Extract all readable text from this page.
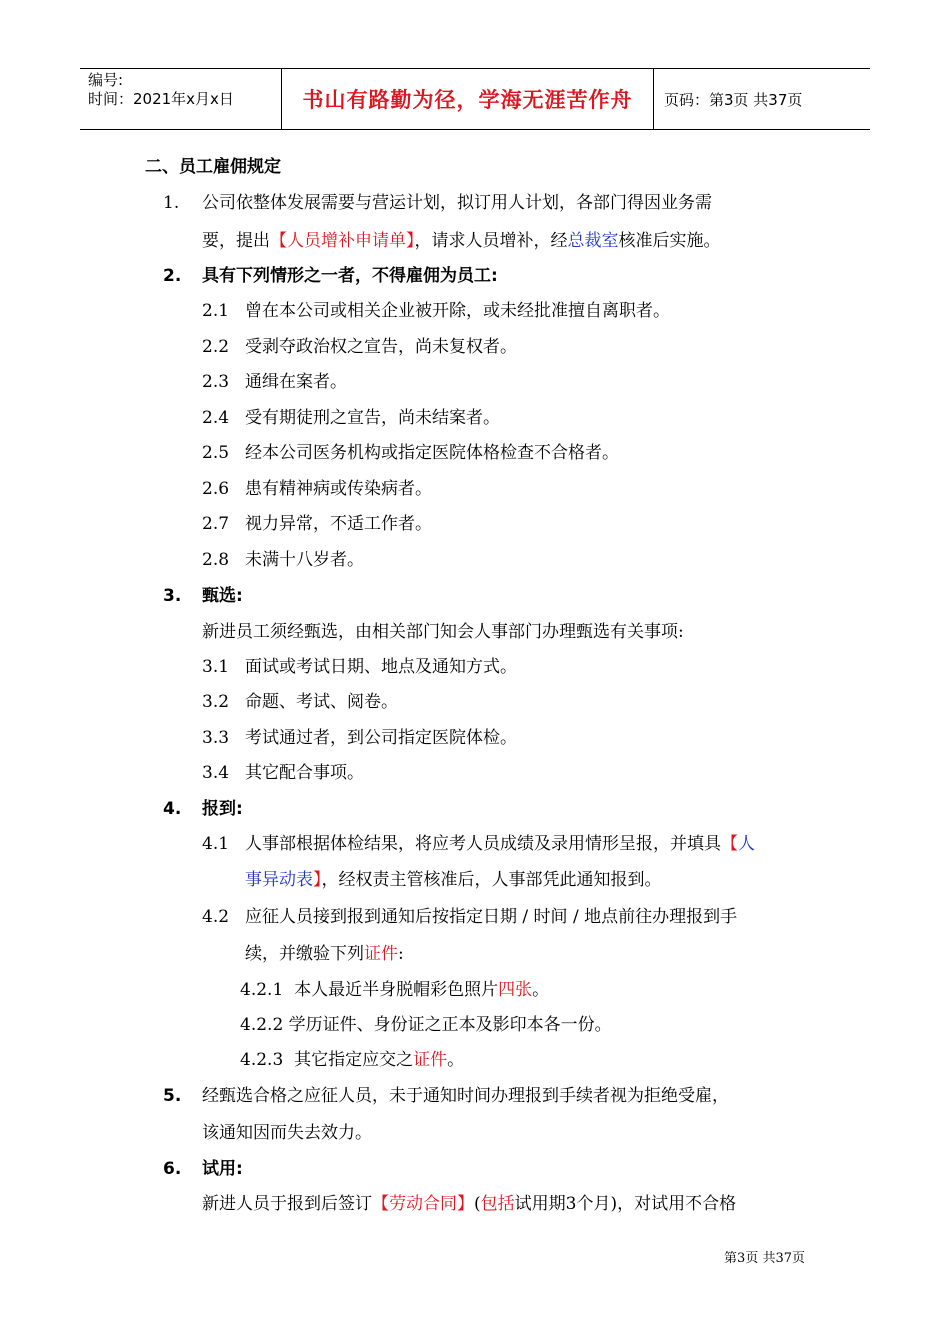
编号:
时间：2021年x月x日	书山有路勤为径，学海无涯苦作舟 页码：第3页 共37页
二、员工雇佣规定
1. 公司依整体发展需要与营运计划，拟订用人计划，各部门得因业务需
要，提出【人员增补申请单】，请求人员增补，经总裁室核准后实施。
2. 具有下列情形之一者，不得雇佣为员工:
2.1 曾在本公司或相关企业被开除，或未经批准擅自离职者。
2.2 受剥夺政治权之宣告，尚未复权者。
2.3 通缉在案者。
2.4 受有期徒刑之宣告，尚未结案者。
2.5 经本公司医务机构或指定医院体格检查不合格者。
2.6 患有精神病或传染病者。
2.7 视力异常，不适工作者。
2.8 未满十八岁者。
3. 甄选:
新进员工须经甄选，由相关部门知会人事部门办理甄选有关事项:
3.1 面试或考试日期、地点及通知方式。
3.2 命题、考试、阅卷。
3.3 考试通过者，到公司指定医院体检。
3.4 其它配合事项。
4. 报到:
4.1 人事部根据体检结果，将应考人员成绩及录用情形呈报，并填具【人
事异动表】，经权责主管核准后，人事部凭此通知报到。
4.2 应征人员接到报到通知后按指定日期 / 时间 / 地点前往办理报到手
续，并缴验下列证件:
4.2.1 本人最近半身脱帽彩色照片四张。
4.2.2 学历证件、身份证之正本及影印本各一份。
4.2.3 其它指定应交之证件。
5. 经甄选合格之应征人员，未于通知时间办理报到手续者视为拒绝受雇，
该通知因而失去效力。
6. 试用:
新进人员于报到后签订【劳动合同】(包括试用期3个月)，对试用不合格
第3页 共37页
